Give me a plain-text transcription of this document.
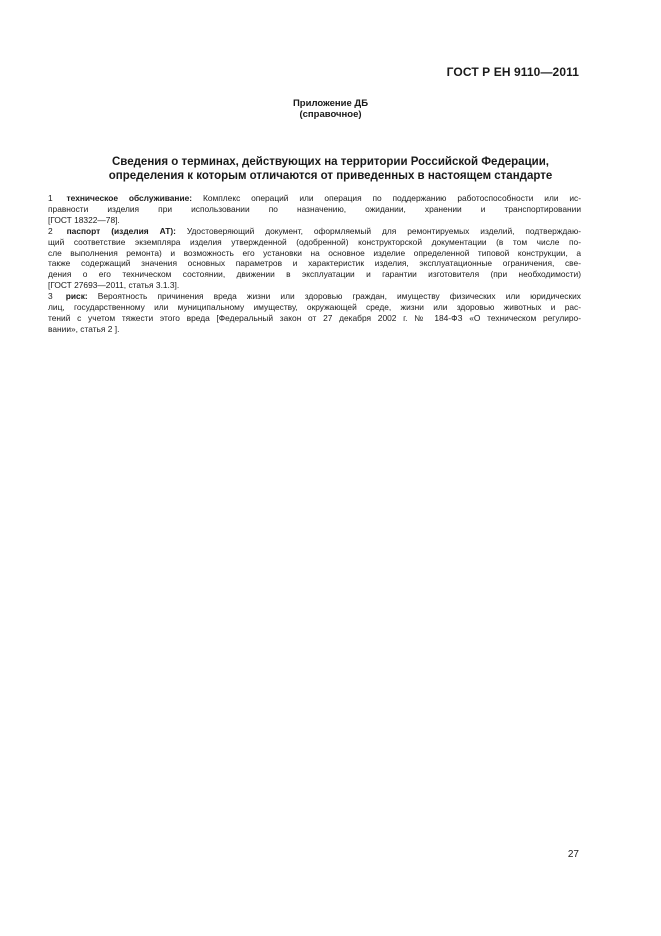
ГОСТ Р ЕН 9110—2011
Приложение ДБ
(справочное)
Сведения о терминах, действующих на территории Российской Федерации,
определения к которым отличаются от приведенных в настоящем стандарте

1 техническое обслуживание: Комплекс операций или операция по поддержанию работоспособности или ис-
правности изделия при использовании по назначению, ожидании, хранении и транспортировании
[ГОСТ 18322—78].

2 паспорт (изделия АТ): Удостоверяющий документ, оформляемый для ремонтируемых изделий, подтверждаю-
щий соответствие экземпляра изделия утвержденной (одобренной) конструкторской документации (в том числе по-
сле выполнения ремонта) и возможность его установки на основное изделие определенной типовой конструкции, а
также содержащий значения основных параметров и характеристик изделия, эксплуатационные ограничения, све-
дения о его техническом состоянии, движении в эксплуатации и гарантии изготовителя (при необходимости)
[ГОСТ 27693—2011, статья 3.1.3].

3 риск: Вероятность причинения вреда жизни или здоровью граждан, имуществу физических или юридических
лиц, государственному или муниципальному имуществу, окружающей среде, жизни или здоровью животных и рас-
тений с учетом тяжести этого вреда [Федеральный закон от 27 декабря 2002 г. № 184-ФЗ «О техническом регулиро-
вании», статья 2 ].

27
